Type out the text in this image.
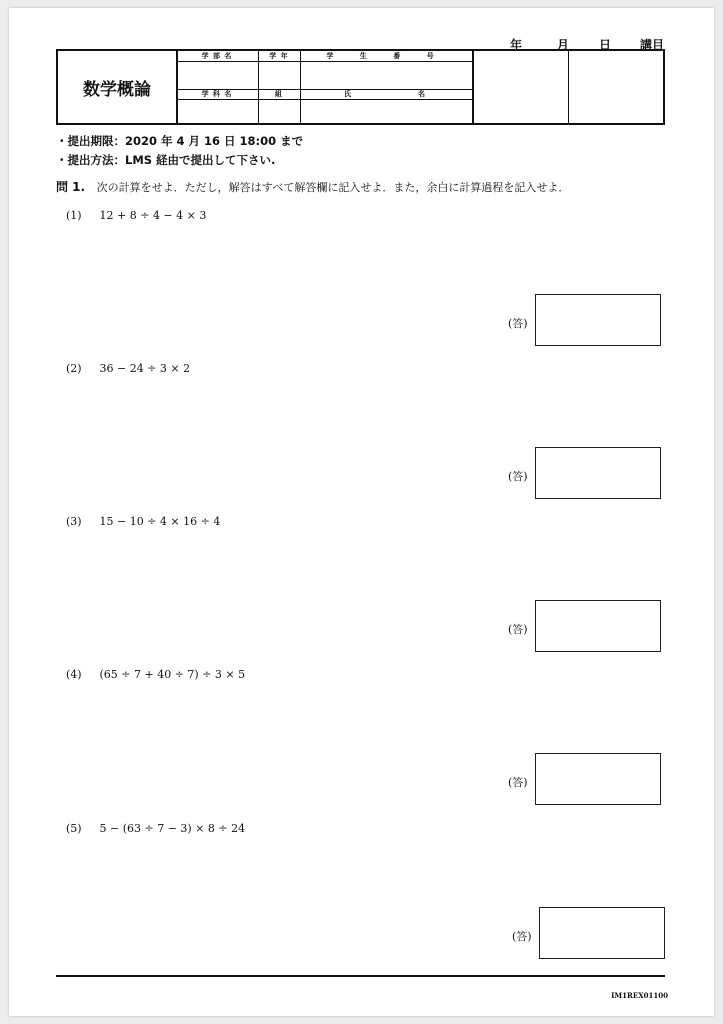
年	月 日 講目
数学概論
学 部 名	学 年	学 生 番 号
学 科 名	組	氏	名
・提出期限：2020 年 4 月 16 日 18:00 まで
・提出方法：LMS 経由で提出して下さい.
問 1. 次の計算をせよ．ただし，解答はすべて解答欄に記入せよ．また，余白に計算過程を記入せよ．
(1) 12 + 8 ÷ 4 − 4 × 3
(答)
(2) 36 − 24 ÷ 3 × 2
(答)
(3) 15 − 10 ÷ 4 × 16 ÷ 4
(答)
(4) (65 ÷ 7 + 40 ÷ 7) ÷ 3 × 5
(答)
(5) 5 − (63 ÷ 7 − 3) × 8 ÷ 24
(答)
IM1REX01100
